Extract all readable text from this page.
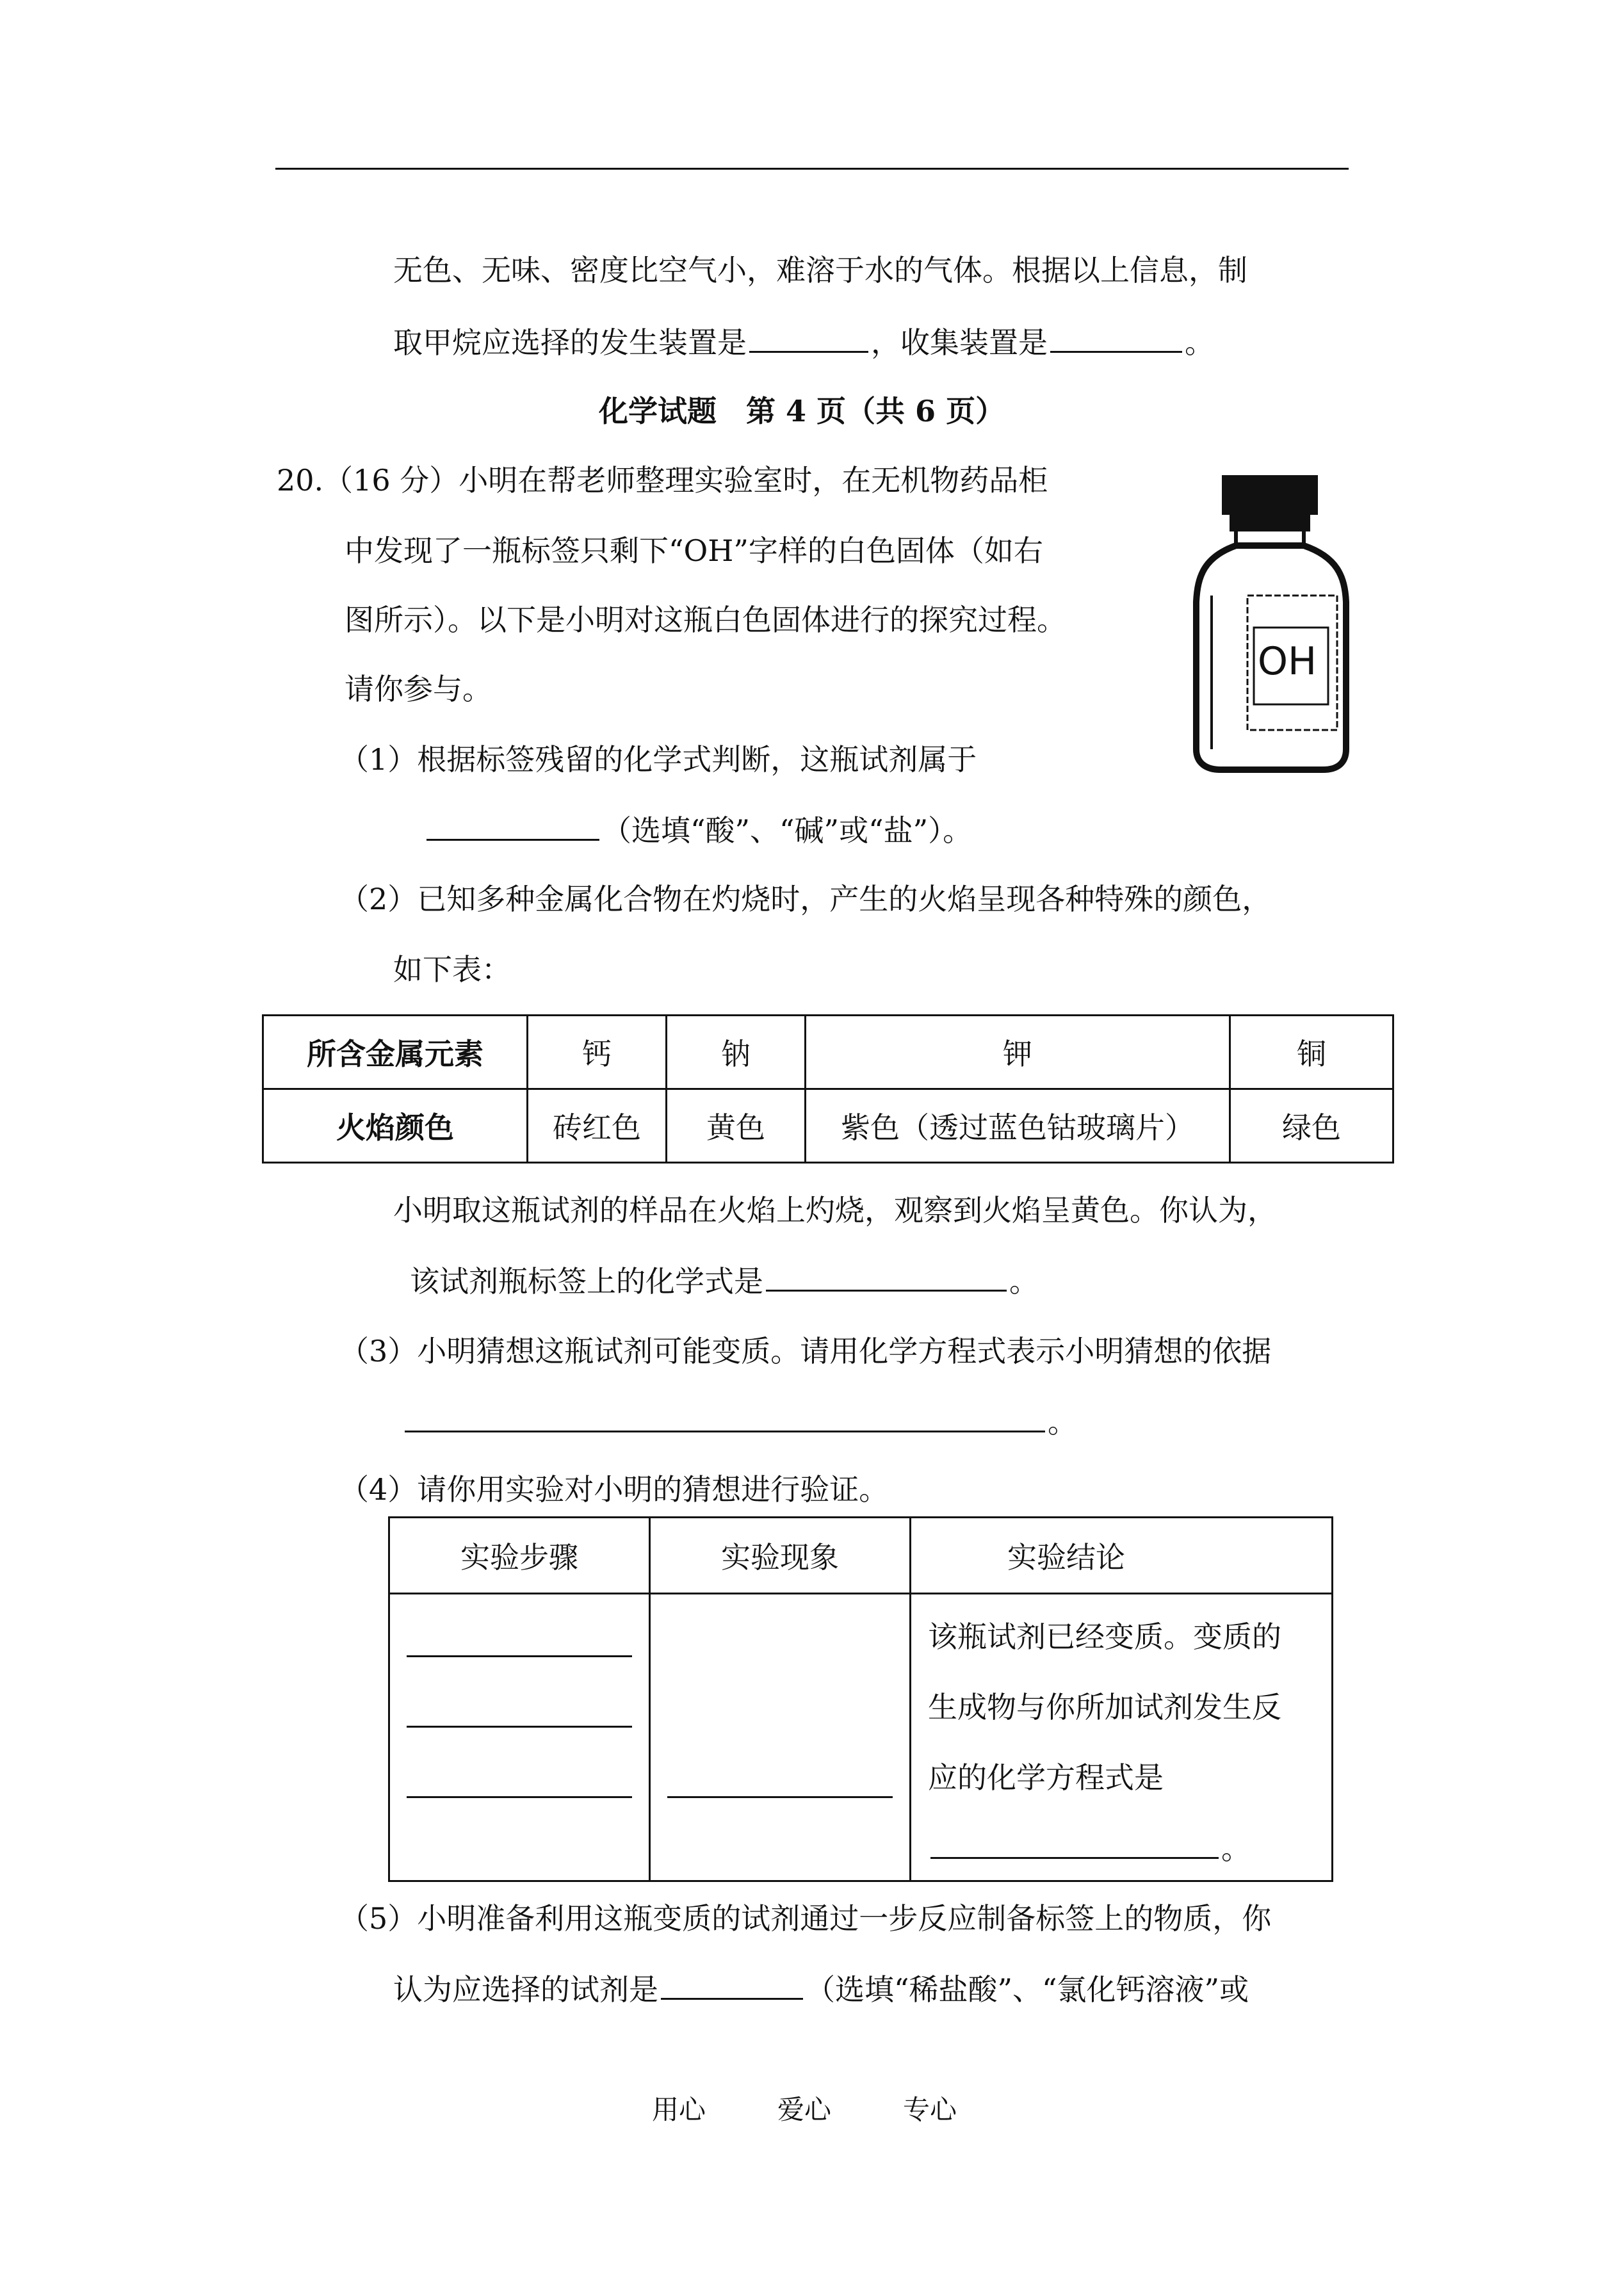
无色、无味、密度比空气小，难溶于水的气体。根据以上信息，制
取甲烷应选择的发生装置是	，收集装置是	。
化学试题　第 4 页（共 6 页）
20.（16 分）小明在帮老师整理实验室时，在无机物药品柜
中发现了一瓶标签只剩下“OH”字样的白色固体（如右
图所示）。以下是小明对这瓶白色固体进行的探究过程。
请你参与。
OH
（1）根据标签残留的化学式判断，这瓶试剂属于
（选填“酸”、“碱”或“盐”）。
（2）已知多种金属化合物在灼烧时，产生的火焰呈现各种特殊的颜色，
如下表：
所含金属元素	钙	钠	钾	铜
火焰颜色	砖红色	黄色	紫色（透过蓝色钴玻璃片）	绿色
小明取这瓶试剂的样品在火焰上灼烧，观察到火焰呈黄色。你认为，
该试剂瓶标签上的化学式是	。
（3）小明猜想这瓶试剂可能变质。请用化学方程式表示小明猜想的依据
。
（4）请你用实验对小明的猜想进行验证。
实验步骤	实验现象	实验结论

		该瓶试剂已经变质。变质的
生成物与你所加试剂发生反
应的化学方程式是
。
（5）小明准备利用这瓶变质的试剂通过一步反应制备标签上的物质，你
认为应选择的试剂是	（选填“稀盐酸”、“氯化钙溶液”或
用心	爱心	专心
